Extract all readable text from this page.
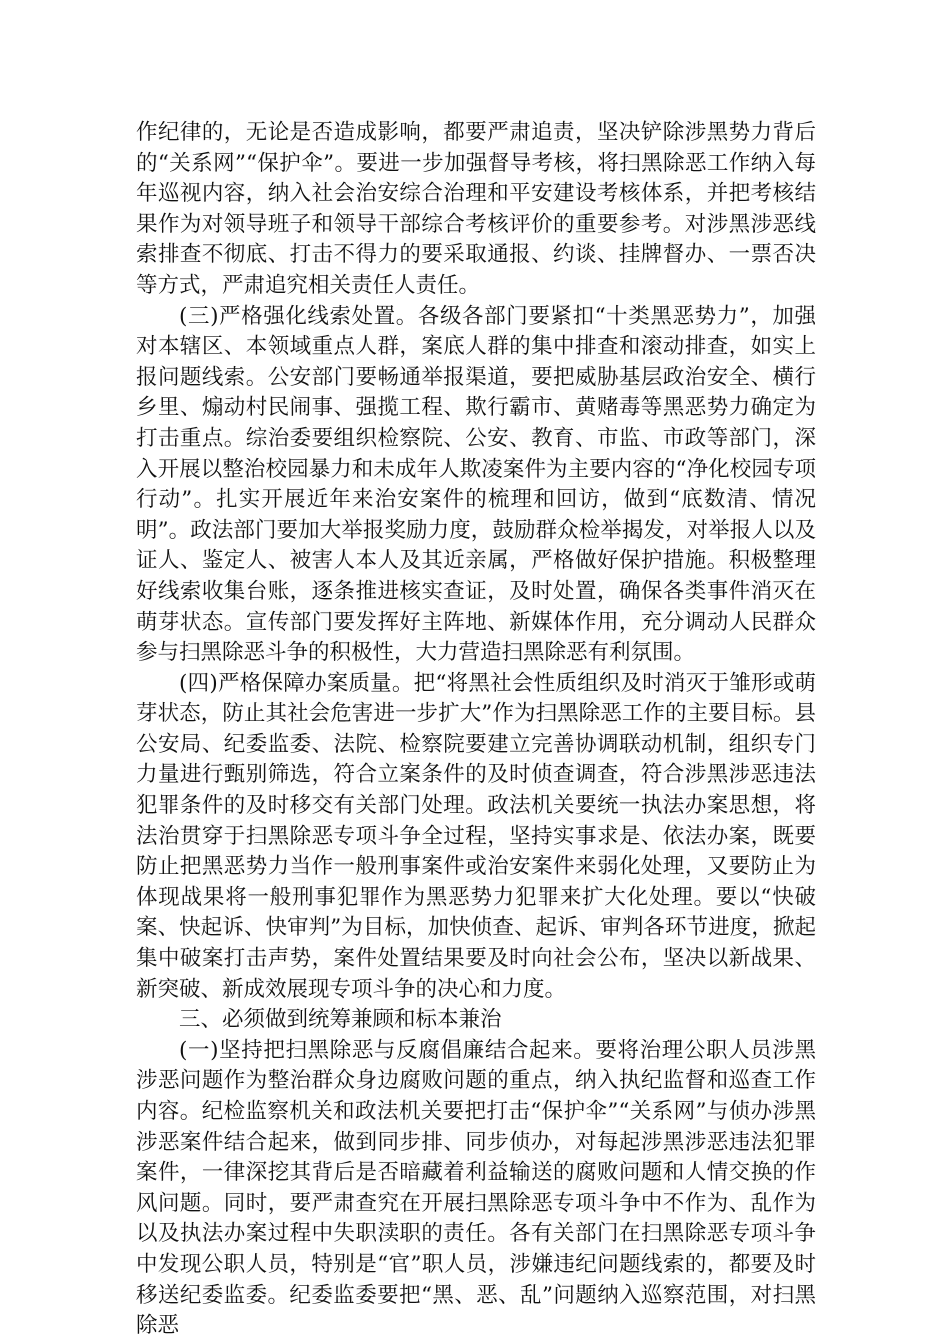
作纪律的，无论是否造成影响，都要严肃追责，坚决铲除涉黑势力背后的“关系网”“保护伞”。要进一步加强督导考核，将扫黑除恶工作纳入每年巡视内容，纳入社会治安综合治理和平安建设考核体系，并把考核结果作为对领导班子和领导干部综合考核评价的重要参考。对涉黑涉恶线索排查不彻底、打击不得力的要采取通报、约谈、挂牌督办、一票否决等方式，严肃追究相关责任人责任。

(三)严格强化线索处置。各级各部门要紧扣“十类黑恶势力”，加强对本辖区、本领域重点人群，案底人群的集中排查和滚动排查，如实上报问题线索。公安部门要畅通举报渠道，要把威胁基层政治安全、横行乡里、煽动村民闹事、强揽工程、欺行霸市、黄赌毒等黑恶势力确定为打击重点。综治委要组织检察院、公安、教育、市监、市政等部门，深入开展以整治校园暴力和未成年人欺凌案件为主要内容的“净化校园专项行动”。扎实开展近年来治安案件的梳理和回访，做到“底数清、情况明”。政法部门要加大举报奖励力度，鼓励群众检举揭发，对举报人以及证人、鉴定人、被害人本人及其近亲属，严格做好保护措施。积极整理好线索收集台账，逐条推进核实查证，及时处置，确保各类事件消灭在萌芽状态。宣传部门要发挥好主阵地、新媒体作用，充分调动人民群众参与扫黑除恶斗争的积极性，大力营造扫黑除恶有利氛围。

(四)严格保障办案质量。把“将黑社会性质组织及时消灭于雏形或萌芽状态，防止其社会危害进一步扩大”作为扫黑除恶工作的主要目标。县公安局、纪委监委、法院、检察院要建立完善协调联动机制，组织专门力量进行甄别筛选，符合立案条件的及时侦查调查，符合涉黑涉恶违法犯罪条件的及时移交有关部门处理。政法机关要统一执法办案思想，将法治贯穿于扫黑除恶专项斗争全过程，坚持实事求是、依法办案，既要防止把黑恶势力当作一般刑事案件或治安案件来弱化处理，又要防止为体现战果将一般刑事犯罪作为黑恶势力犯罪来扩大化处理。要以“快破案、快起诉、快审判”为目标，加快侦查、起诉、审判各环节进度，掀起集中破案打击声势，案件处置结果要及时向社会公布，坚决以新战果、新突破、新成效展现专项斗争的决心和力度。

三、必须做到统筹兼顾和标本兼治

(一)坚持把扫黑除恶与反腐倡廉结合起来。要将治理公职人员涉黑涉恶问题作为整治群众身边腐败问题的重点，纳入执纪监督和巡查工作内容。纪检监察机关和政法机关要把打击“保护伞”“关系网”与侦办涉黑涉恶案件结合起来，做到同步排、同步侦办，对每起涉黑涉恶违法犯罪案件，一律深挖其背后是否暗藏着利益输送的腐败问题和人情交换的作风问题。同时，要严肃查究在开展扫黑除恶专项斗争中不作为、乱作为以及执法办案过程中失职渎职的责任。各有关部门在扫黑除恶专项斗争中发现公职人员，特别是“官”职人员，涉嫌违纪问题线索的，都要及时移送纪委监委。纪委监委要把“黑、恶、乱”问题纳入巡察范围，对扫黑除恶
